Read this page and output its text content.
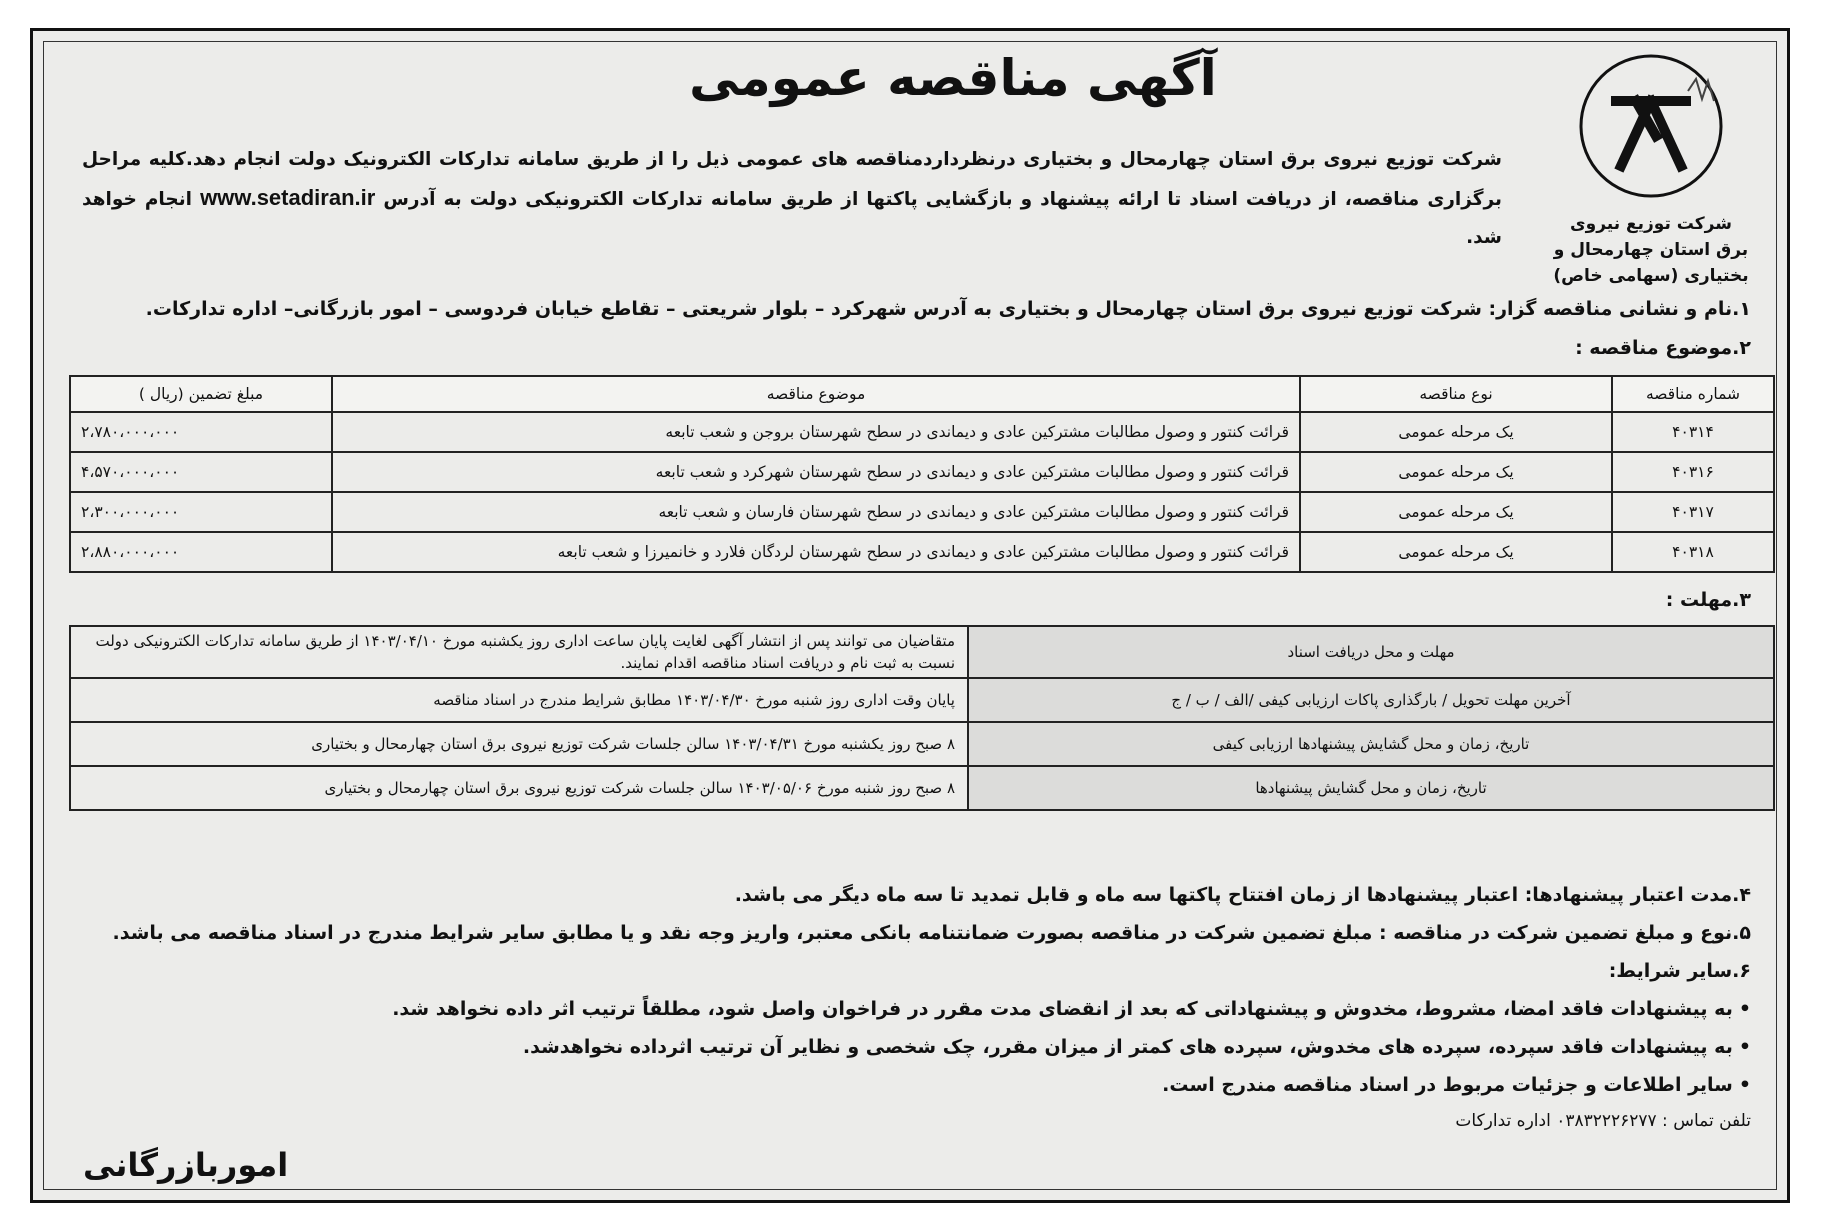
شرکت توزیع نیروی
برق استان چهارمحال و
بختیاری (سهامی خاص)
آگهی مناقصه عمومی
شرکت توزیع نیروی برق استان چهارمحال و بختیاری درنظرداردمناقصه های عمومی ذیل را از طریق سامانه تدارکات الکترونیک دولت انجام دهد.کلیه مراحل برگزاری مناقصه، از دریافت اسناد تا ارائه پیشنهاد و بازگشایی پاکتها از طریق سامانه تدارکات الکترونیکی دولت به آدرس www.setadiran.ir انجام خواهد شد.
۱.نام و نشانی مناقصه گزار: شرکت توزیع نیروی برق استان چهارمحال و بختیاری به آدرس شهرکرد – بلوار شریعتی – تقاطع خیابان فردوسی – امور بازرگانی– اداره تدارکات.
۲.موضوع مناقصه :
شماره مناقصه	نوع مناقصه	موضوع مناقصه	مبلغ تضمین (ریال )
۴۰۳۱۴	یک مرحله عمومی	قرائت کنتور و وصول مطالبات مشترکین عادی و دیماندی در سطح شهرستان بروجن و شعب تابعه	۲،۷۸۰،۰۰۰،۰۰۰
۴۰۳۱۶	یک مرحله عمومی	قرائت کنتور و وصول مطالبات مشترکین عادی و دیماندی در سطح شهرستان شهرکرد و شعب تابعه	۴،۵۷۰،۰۰۰،۰۰۰
۴۰۳۱۷	یک مرحله عمومی	قرائت کنتور و وصول مطالبات مشترکین عادی و دیماندی در سطح شهرستان فارسان و شعب تابعه	۲،۳۰۰،۰۰۰،۰۰۰
۴۰۳۱۸	یک مرحله عمومی	قرائت کنتور و وصول مطالبات مشترکین عادی و دیماندی در سطح شهرستان لردگان فلارد و خانمیرزا و شعب تابعه	۲،۸۸۰،۰۰۰،۰۰۰
۳.مهلت :
مهلت و محل دریافت اسناد	متقاضیان می توانند پس از انتشار آگهی لغایت پایان ساعت اداری روز یکشنبه مورخ ۱۴۰۳/۰۴/۱۰ از طریق سامانه تدارکات الکترونیکی دولت نسبت به ثبت نام و دریافت اسناد مناقصه اقدام نمایند.
آخرین مهلت تحویل / بارگذاری پاکات ارزیابی کیفی /الف / ب / ج	پایان وقت اداری روز شنبه مورخ ۱۴۰۳/۰۴/۳۰ مطابق شرایط مندرج در اسناد مناقصه
تاریخ، زمان و محل گشایش پیشنهادها ارزیابی کیفی	۸ صبح روز یکشنبه مورخ ۱۴۰۳/۰۴/۳۱ سالن جلسات شرکت توزیع نیروی برق استان چهارمحال و بختیاری
تاریخ، زمان و محل گشایش پیشنهادها	۸ صبح روز شنبه مورخ ۱۴۰۳/۰۵/۰۶ سالن جلسات شرکت توزیع نیروی برق استان چهارمحال و بختیاری
۴.مدت اعتبار پیشنهادها: اعتبار پیشنهادها از زمان افتتاح پاکتها سه ماه و قابل تمدید تا سه ماه دیگر می باشد.
۵.نوع و مبلغ تضمین شرکت در مناقصه : مبلغ تضمین شرکت در مناقصه بصورت ضمانتنامه بانکی معتبر، واریز وجه نقد و یا مطابق سایر شرایط مندرج در اسناد مناقصه می باشد.
۶.سایر شرایط:
•به پیشنهادات فاقد امضا، مشروط، مخدوش و پیشنهاداتی که بعد از انقضای مدت مقرر در فراخوان واصل شود، مطلقاً ترتیب اثر داده نخواهد شد.
•به پیشنهادات فاقد سپرده، سپرده های مخدوش، سپرده های کمتر از میزان مقرر، چک شخصی و نظایر آن ترتیب اثرداده نخواهدشد.
•سایر اطلاعات و جزئیات مربوط در اسناد مناقصه مندرج است.
تلفن تماس : ۰۳۸۳۲۲۲۶۲۷۷ اداره تدارکات
اموربازرگانی
